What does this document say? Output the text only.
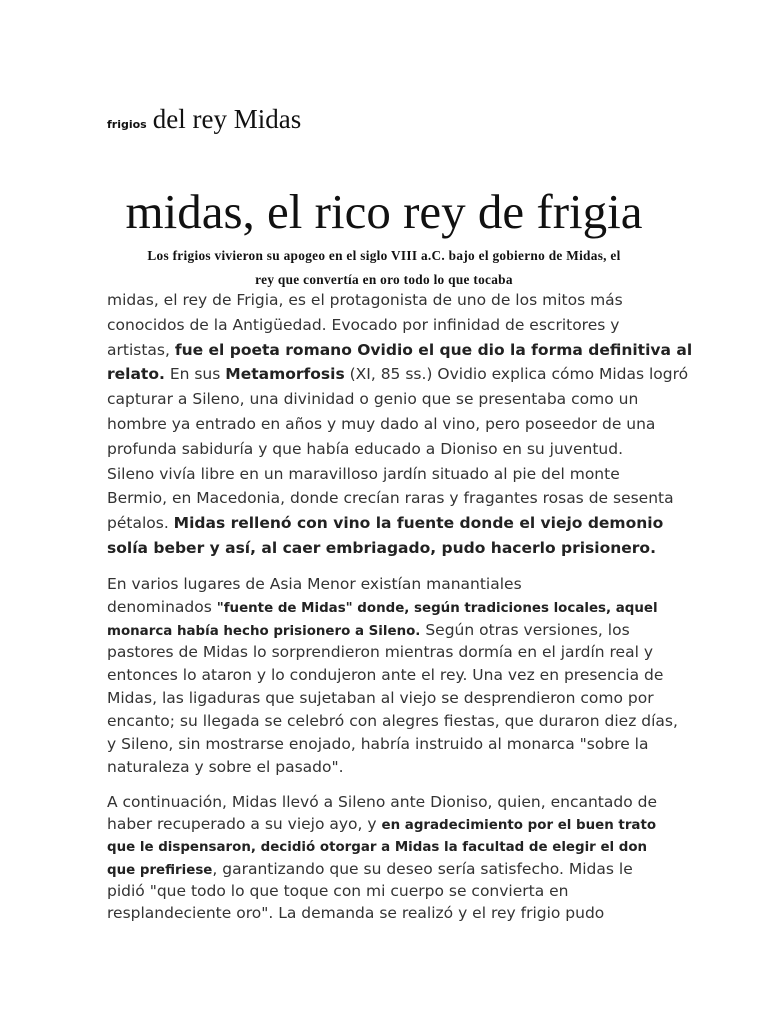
frigios del rey Midas
midas, el rico rey de frigia
Los frigios vivieron su apogeo en el siglo VIII a.C. bajo el gobierno de Midas, el
rey que convertía en oro todo lo que tocaba
midas, el rey de Frigia, es el protagonista de uno de los mitos más
conocidos de la Antigüedad. Evocado por infinidad de escritores y
artistas, fue el poeta romano Ovidio el que dio la forma definitiva al
relato. En sus Metamorfosis (XI, 85 ss.) Ovidio explica cómo Midas logró
capturar a Sileno, una divinidad o genio que se presentaba como un
hombre ya entrado en años y muy dado al vino, pero poseedor de una
profunda sabiduría y que había educado a Dioniso en su juventud.
Sileno vivía libre en un maravilloso jardín situado al pie del monte
Bermio, en Macedonia, donde crecían raras y fragantes rosas de sesenta
pétalos. Midas rellenó con vino la fuente donde el viejo demonio
solía beber y así, al caer embriagado, pudo hacerlo prisionero.
En varios lugares de Asia Menor existían manantiales
denominados "fuente de Midas" donde, según tradiciones locales, aquel
monarca había hecho prisionero a Sileno. Según otras versiones, los
pastores de Midas lo sorprendieron mientras dormía en el jardín real y
entonces lo ataron y lo condujeron ante el rey. Una vez en presencia de
Midas, las ligaduras que sujetaban al viejo se desprendieron como por
encanto; su llegada se celebró con alegres fiestas, que duraron diez días,
y Sileno, sin mostrarse enojado, habría instruido al monarca "sobre la
naturaleza y sobre el pasado".
A continuación, Midas llevó a Sileno ante Dioniso, quien, encantado de
haber recuperado a su viejo ayo, y en agradecimiento por el buen trato
que le dispensaron, decidió otorgar a Midas la facultad de elegir el don
que prefiriese, garantizando que su deseo sería satisfecho. Midas le
pidió "que todo lo que toque con mi cuerpo se convierta en
resplandeciente oro". La demanda se realizó y el rey frigio pudo
